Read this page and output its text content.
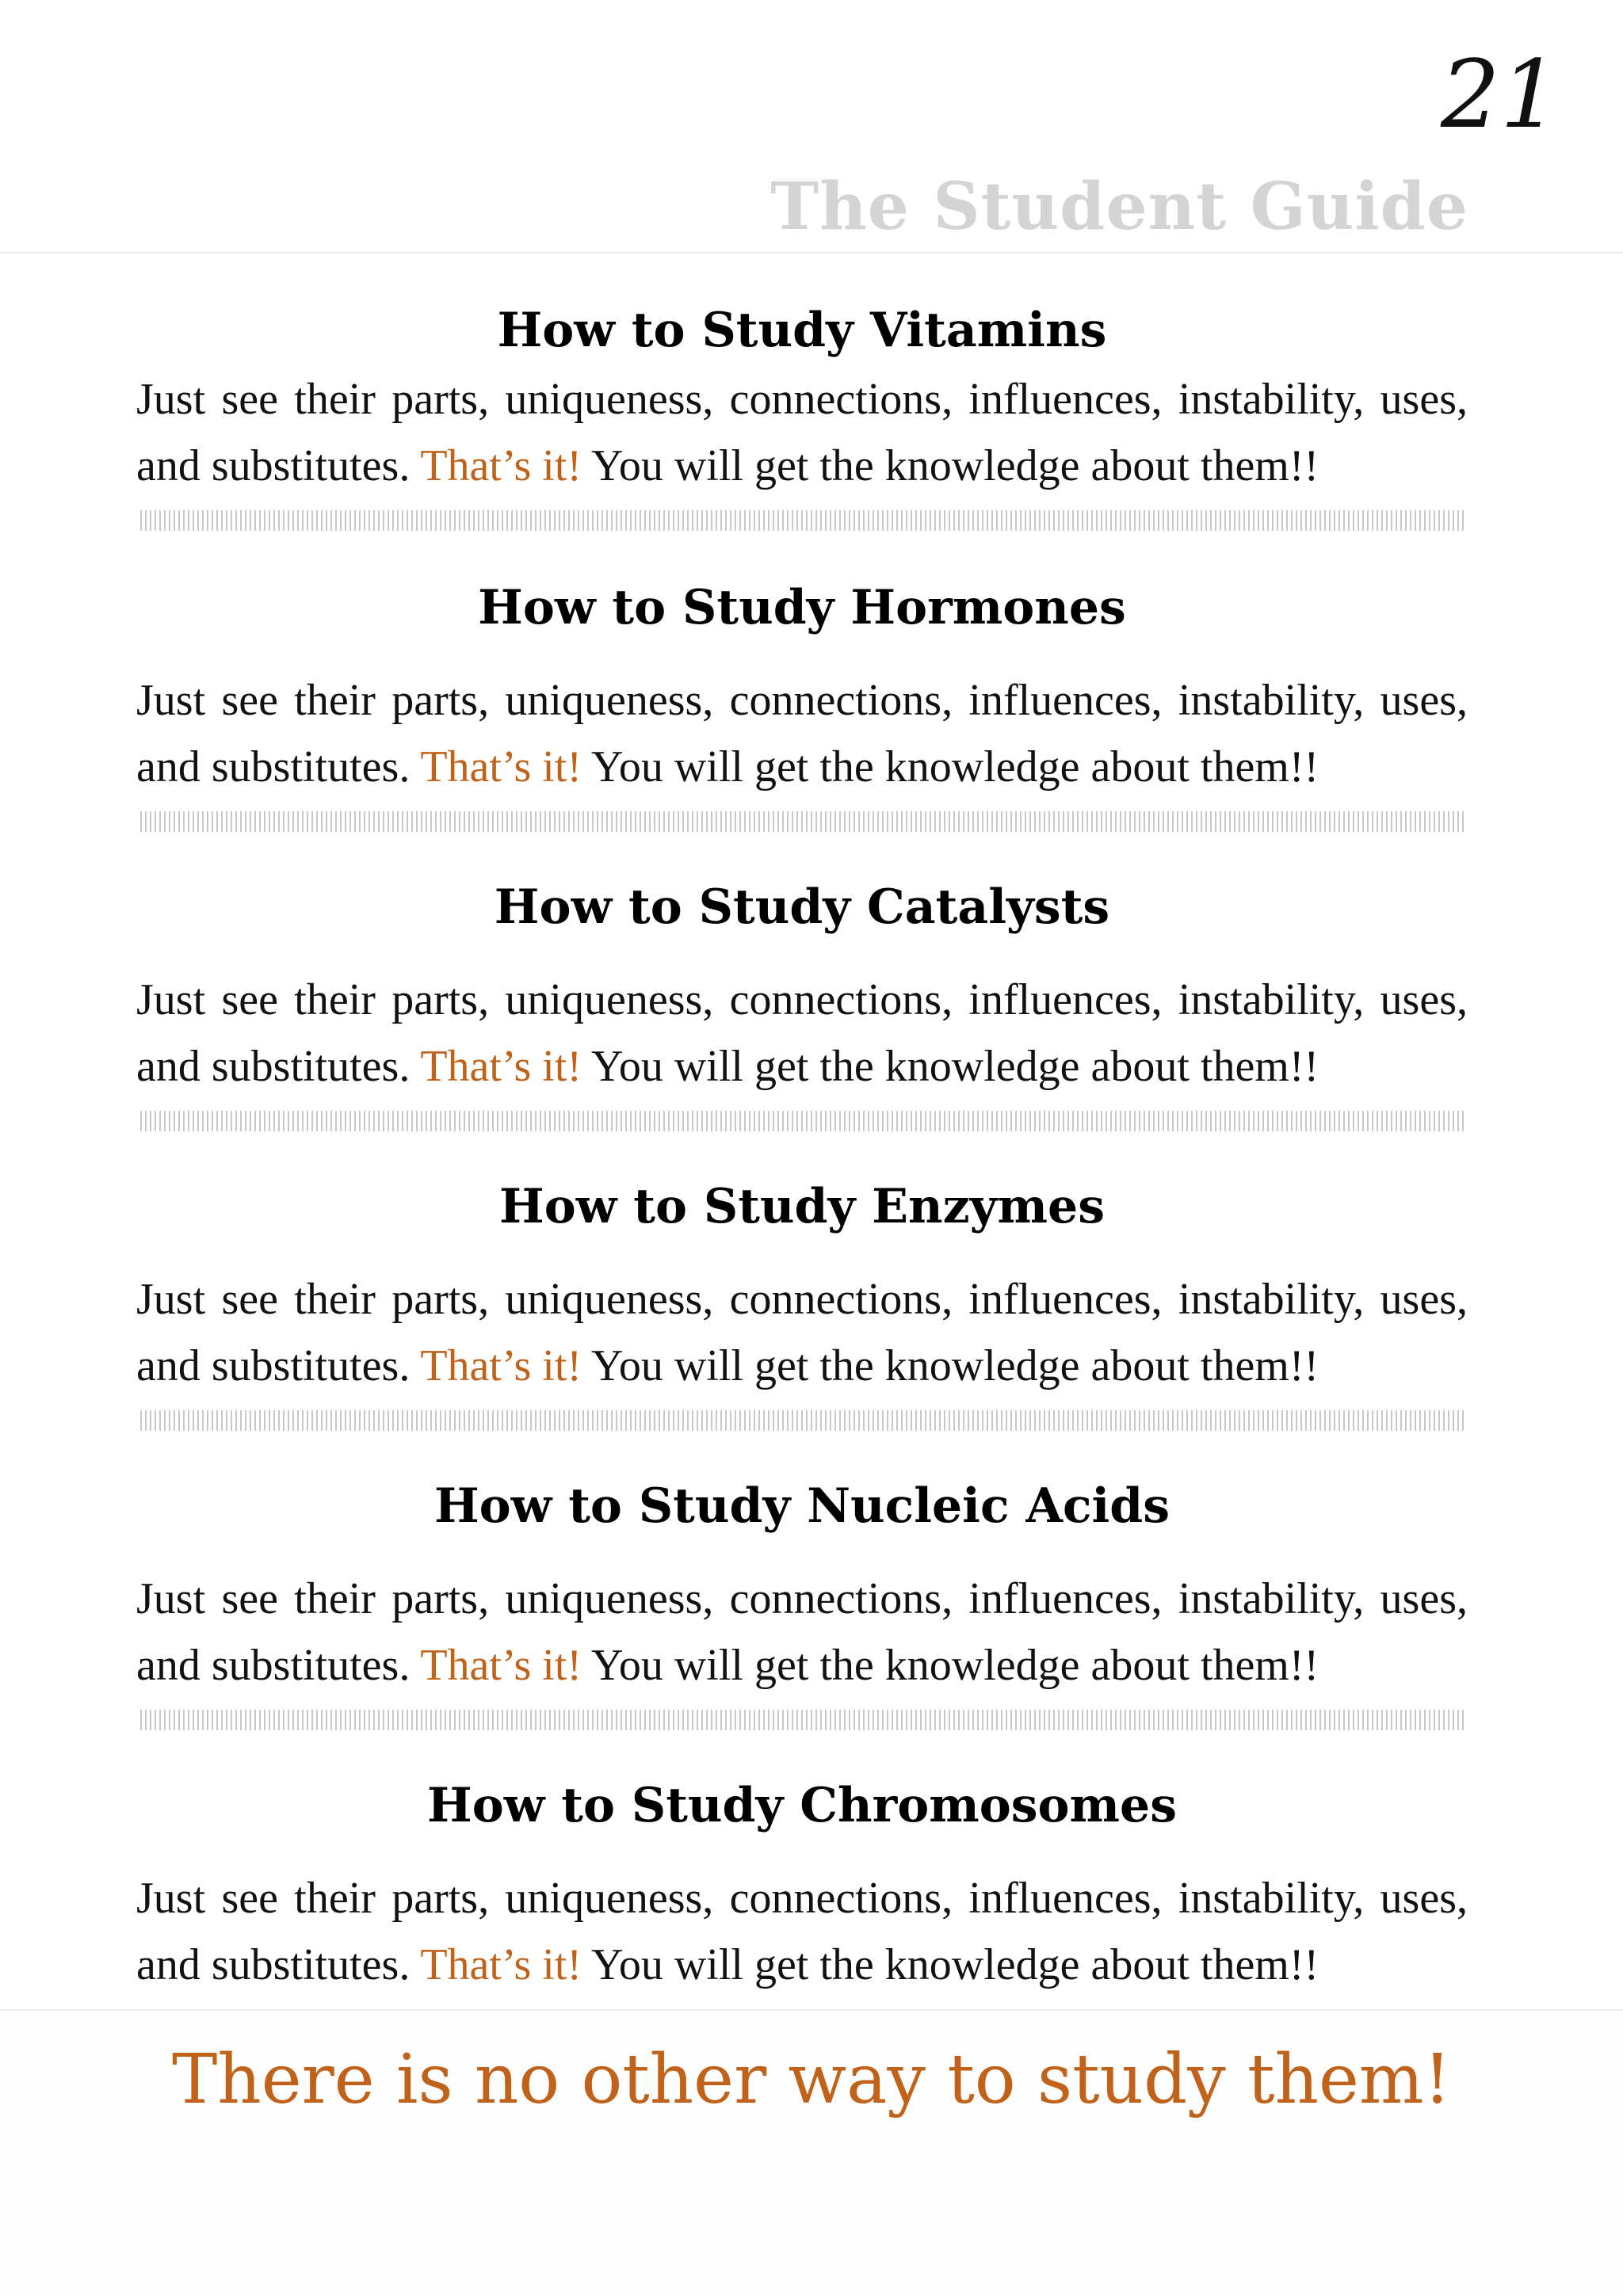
21
The Student Guide
How to Study Vitamins

Just see their parts, uniqueness, connections, influences, instability, uses,
and substitutes. That’s it! You will get the knowledge about them!!

How to Study Hormones

Just see their parts, uniqueness, connections, influences, instability, uses,
and substitutes. That’s it! You will get the knowledge about them!!

How to Study Catalysts

Just see their parts, uniqueness, connections, influences, instability, uses,
and substitutes. That’s it! You will get the knowledge about them!!

How to Study Enzymes

Just see their parts, uniqueness, connections, influences, instability, uses,
and substitutes. That’s it! You will get the knowledge about them!!

How to Study Nucleic Acids

Just see their parts, uniqueness, connections, influences, instability, uses,
and substitutes. That’s it! You will get the knowledge about them!!

How to Study Chromosomes

Just see their parts, uniqueness, connections, influences, instability, uses,
and substitutes. That’s it! You will get the knowledge about them!!

There is no other way to study them!
